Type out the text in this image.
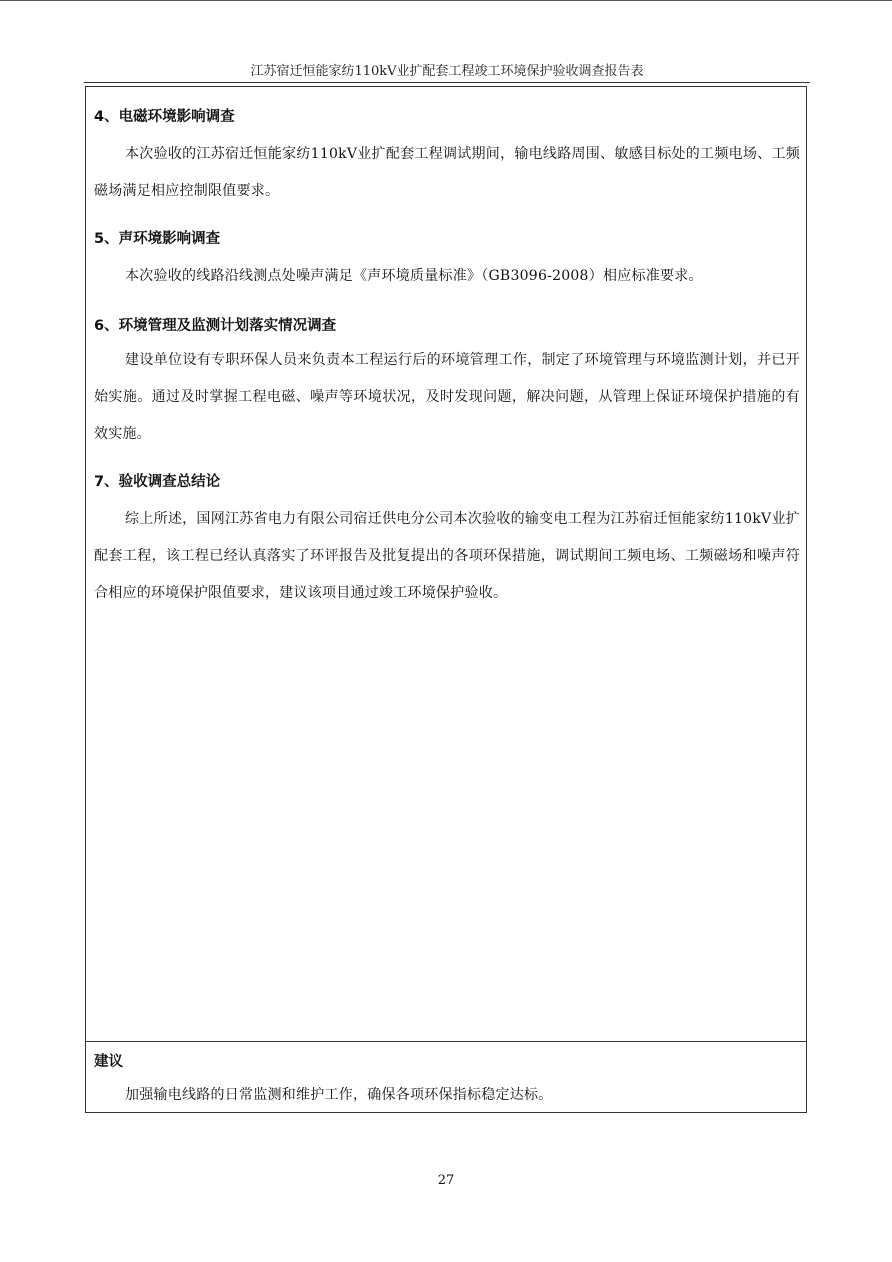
江苏宿迁恒能家纺110kV业扩配套工程竣工环境保护验收调查报告表
4、电磁环境影响调查
本次验收的江苏宿迁恒能家纺110kV业扩配套工程调试期间，输电线路周围、敏感目标处的工频电场、工频磁场满足相应控制限值要求。
5、声环境影响调查
本次验收的线路沿线测点处噪声满足《声环境质量标准》（GB3096-2008）相应标准要求。
6、环境管理及监测计划落实情况调查
建设单位设有专职环保人员来负责本工程运行后的环境管理工作，制定了环境管理与环境监测计划，并已开始实施。通过及时掌握工程电磁、噪声等环境状况，及时发现问题，解决问题，从管理上保证环境保护措施的有效实施。
7、验收调查总结论
综上所述，国网江苏省电力有限公司宿迁供电分公司本次验收的输变电工程为江苏宿迁恒能家纺110kV业扩配套工程，该工程已经认真落实了环评报告及批复提出的各项环保措施，调试期间工频电场、工频磁场和噪声符合相应的环境保护限值要求，建议该项目通过竣工环境保护验收。
建议
加强输电线路的日常监测和维护工作，确保各项环保指标稳定达标。
27
